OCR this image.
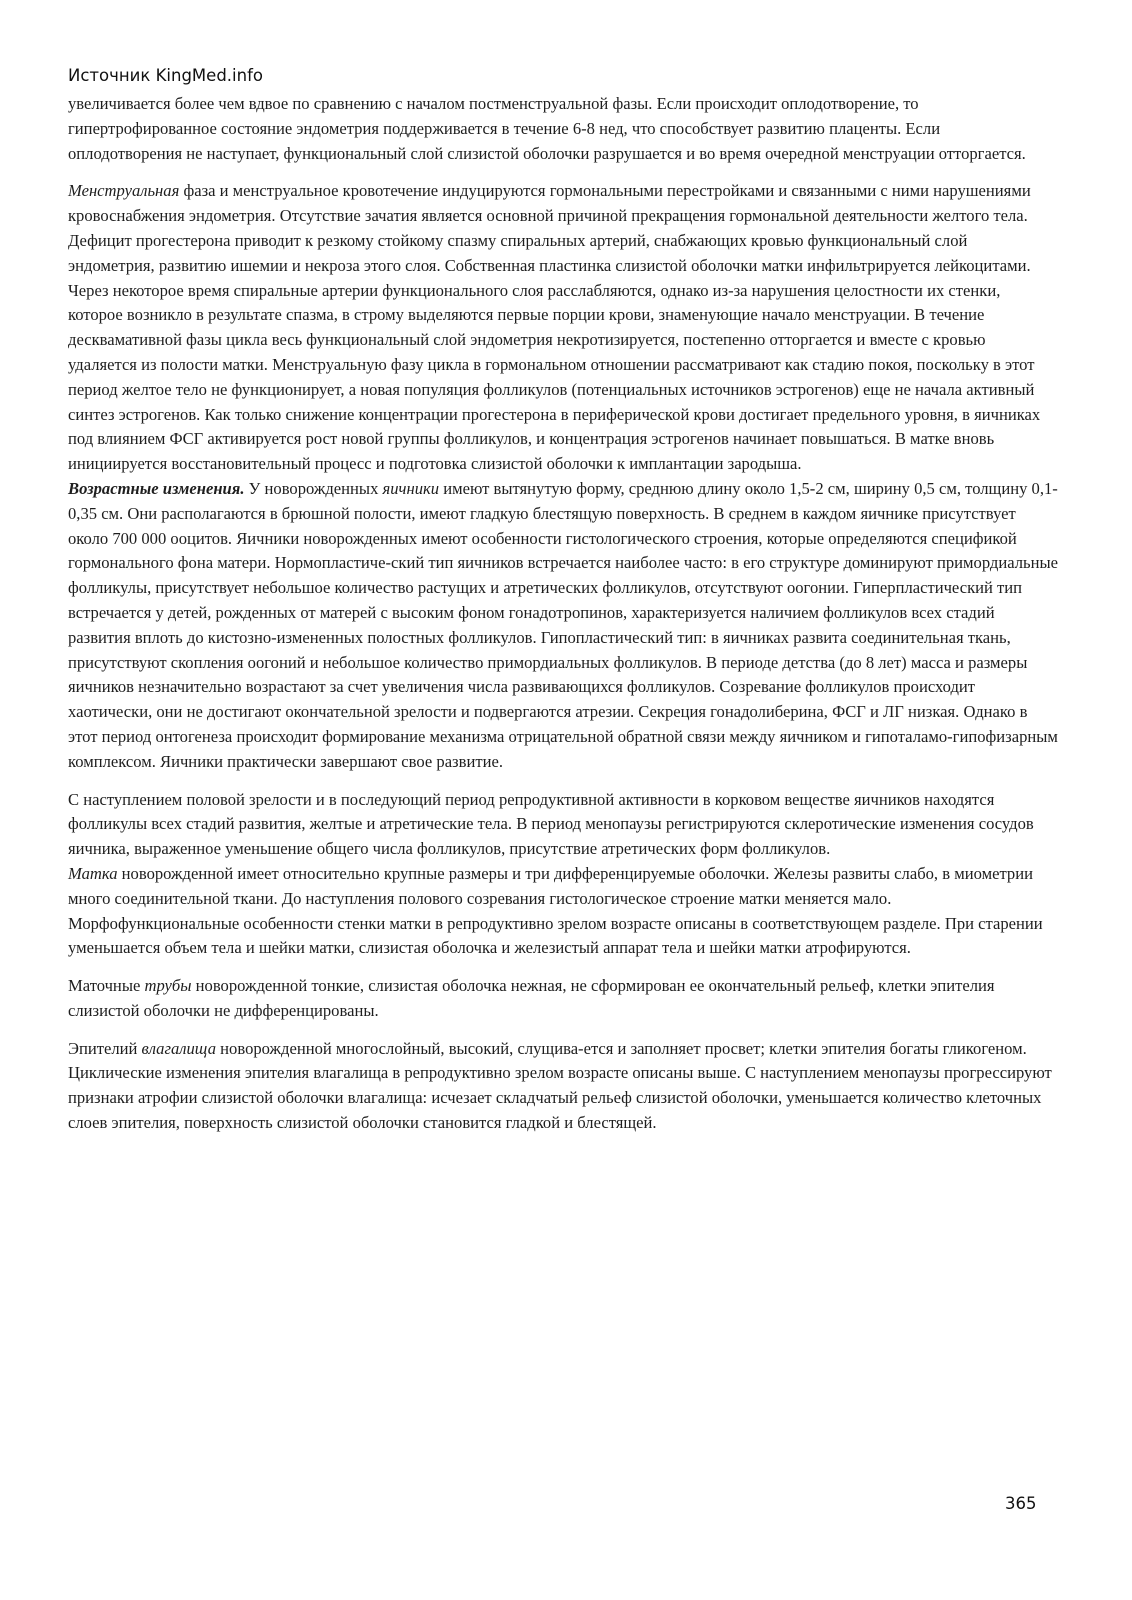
Источник KingMed.info

увеличивается более чем вдвое по сравнению с началом постменструальной фазы. Если происходит оплодотворение, то гипертрофированное состояние эндометрия поддерживается в течение 6-8 нед, что способствует развитию плаценты. Если оплодотворения не наступает, функциональный слой слизистой оболочки разрушается и во время очередной менструации отторгается.

Менструальная фаза и менструальное кровотечение индуцируются гормональными перестройками и связанными с ними нарушениями кровоснабжения эндометрия. Отсутствие зачатия является основной причиной прекращения гормональной деятельности желтого тела. Дефицит прогестерона приводит к резкому стойкому спазму спиральных артерий, снабжающих кровью функциональный слой эндометрия, развитию ишемии и некроза этого слоя. Собственная пластинка слизистой оболочки матки инфильтрируется лейкоцитами. Через некоторое время спиральные артерии функционального слоя расслабляются, однако из-за нарушения целостности их стенки, которое возникло в результате спазма, в строму выделяются первые порции крови, знаменующие начало менструации. В течение десквамативной фазы цикла весь функциональный слой эндометрия некротизируется, постепенно отторгается и вместе с кровью удаляется из полости матки. Менструальную фазу цикла в гормональном отношении рассматривают как стадию покоя, поскольку в этот период желтое тело не функционирует, а новая популяция фолликулов (потенциальных источников эстрогенов) еще не начала активный синтез эстрогенов. Как только снижение концентрации прогестерона в периферической крови достигает предельного уровня, в яичниках под влиянием ФСГ активируется рост новой группы фолликулов, и концентрация эстрогенов начинает повышаться. В матке вновь инициируется восстановительный процесс и подготовка слизистой оболочки к имплантации зародыша.

Возрастные изменения. У новорожденных яичники имеют вытянутую форму, среднюю длину около 1,5-2 см, ширину 0,5 см, толщину 0,1-0,35 см. Они располагаются в брюшной полости, имеют гладкую блестящую поверхность. В среднем в каждом яичнике присутствует около 700 000 ооцитов. Яичники новорожденных имеют особенности гистологического строения, которые определяются спецификой гормонального фона матери. Нормопластиче-ский тип яичников встречается наиболее часто: в его структуре доминируют примордиальные фолликулы, присутствует небольшое количество растущих и атретических фолликулов, отсутствуют оогонии. Гиперпластический тип встречается у детей, рожденных от матерей с высоким фоном гонадотропинов, характеризуется наличием фолликулов всех стадий развития вплоть до кистозно-измененных полостных фолликулов. Гипопластический тип: в яичниках развита соединительная ткань, присутствуют скопления оогоний и небольшое количество примордиальных фолликулов. В периоде детства (до 8 лет) масса и размеры яичников незначительно возрастают за счет увеличения числа развивающихся фолликулов. Созревание фолликулов происходит хаотически, они не достигают окончательной зрелости и подвергаются атрезии. Секреция гонадолиберина, ФСГ и ЛГ низкая. Однако в этот период онтогенеза происходит формирование механизма отрицательной обратной связи между яичником и гипоталамо-гипофизарным комплексом. Яичники практически завершают свое развитие.

С наступлением половой зрелости и в последующий период репродуктивной активности в корковом веществе яичников находятся фолликулы всех стадий развития, желтые и атретические тела. В период менопаузы регистрируются склеротические изменения сосудов яичника, выраженное уменьшение общего числа фолликулов, присутствие атретических форм фолликулов.

Матка новорожденной имеет относительно крупные размеры и три дифференцируемые оболочки. Железы развиты слабо, в миометрии много соединительной ткани. До наступления полового созревания гистологическое строение матки меняется мало. Морфофункциональные особенности стенки матки в репродуктивно зрелом возрасте описаны в соответствующем разделе. При старении уменьшается объем тела и шейки матки, слизистая оболочка и железистый аппарат тела и шейки матки атрофируются.

Маточные трубы новорожденной тонкие, слизистая оболочка нежная, не сформирован ее окончательный рельеф, клетки эпителия слизистой оболочки не дифференцированы.

Эпителий влагалища новорожденной многослойный, высокий, слущива-ется и заполняет просвет; клетки эпителия богаты гликогеном. Циклические изменения эпителия влагалища в репродуктивно зрелом возрасте описаны выше. С наступлением менопаузы прогрессируют признаки атрофии слизистой оболочки влагалища: исчезает складчатый рельеф слизистой оболочки, уменьшается количество клеточных слоев эпителия, поверхность слизистой оболочки становится гладкой и блестящей.

365
